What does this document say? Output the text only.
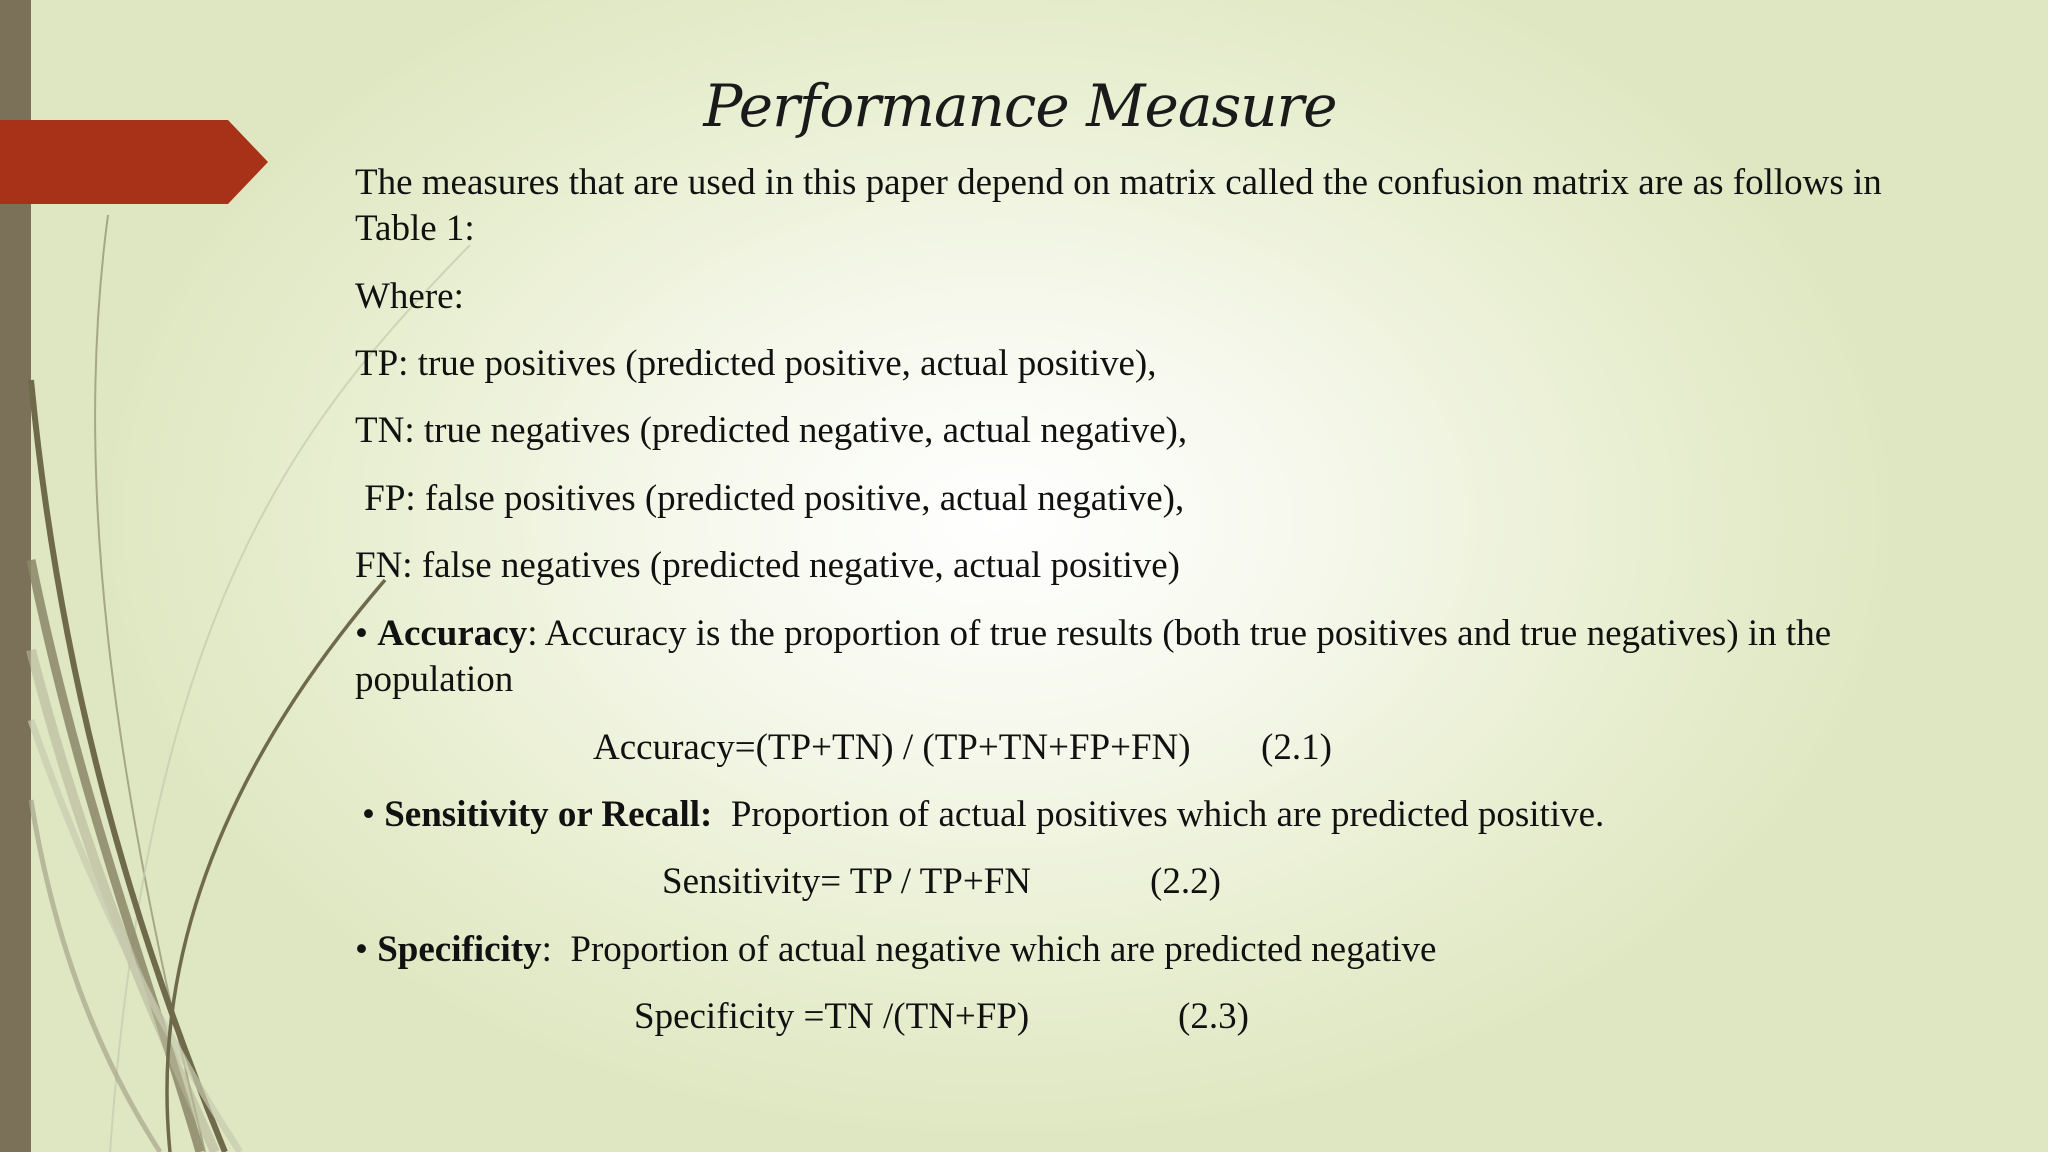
Performance Measure
The measures that are used in this paper depend on matrix called the confusion matrix are as follows in Table 1:
Where:
TP: true positives (predicted positive, actual positive),
TN: true negatives (predicted negative, actual negative),
FP: false positives (predicted positive, actual negative),
FN: false negatives (predicted negative, actual positive)
• Accuracy: Accuracy is the proportion of true results (both true positives and true negatives) in the population
Accuracy=(TP+TN) / (TP+TN+FP+FN) (2.1)
• Sensitivity or Recall:  Proportion of actual positives which are predicted positive.
Sensitivity= TP / TP+FN	(2.2)
• Specificity:  Proportion of actual negative which are predicted negative
Specificity =TN /(TN+FP)	(2.3)
